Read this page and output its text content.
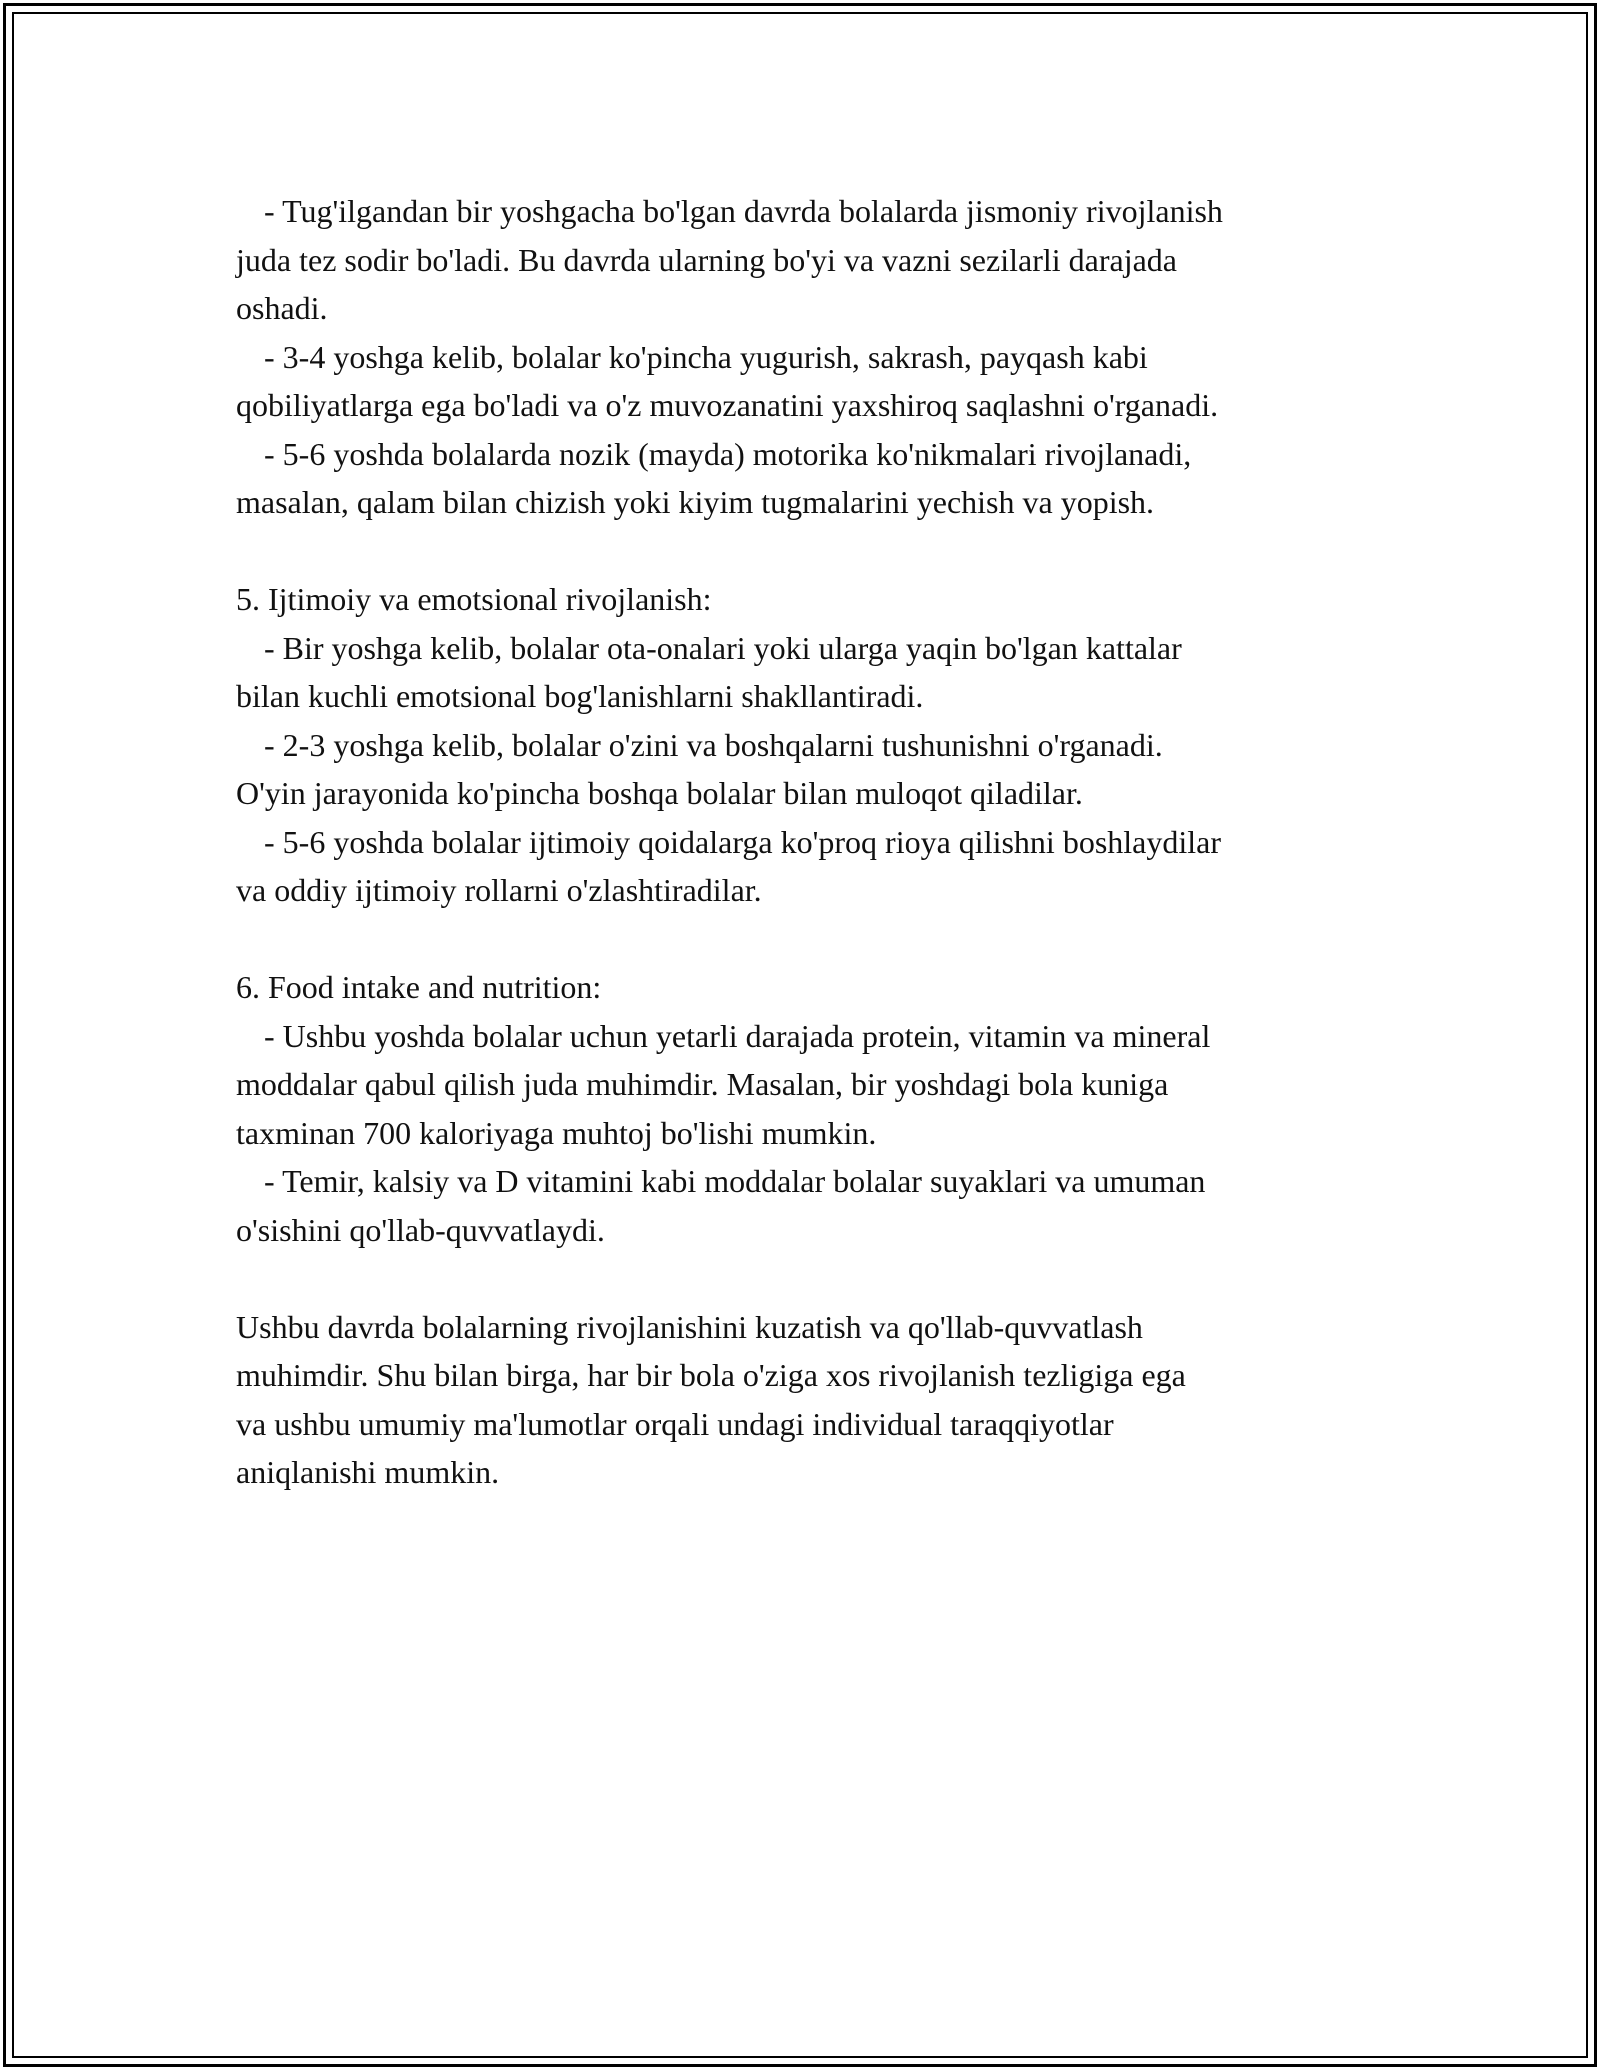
- Tug'ilgandan bir yoshgacha bo'lgan davrda bolalarda jismoniy rivojlanish
juda tez sodir bo'ladi. Bu davrda ularning bo'yi va vazni sezilarli darajada
oshadi.
- 3-4 yoshga kelib, bolalar ko'pincha yugurish, sakrash, payqash kabi
qobiliyatlarga ega bo'ladi va o'z muvozanatini yaxshiroq saqlashni o'rganadi.
- 5-6 yoshda bolalarda nozik (mayda) motorika ko'nikmalari rivojlanadi,
masalan, qalam bilan chizish yoki kiyim tugmalarini yechish va yopish.
5. Ijtimoiy va emotsional rivojlanish:
- Bir yoshga kelib, bolalar ota-onalari yoki ularga yaqin bo'lgan kattalar
bilan kuchli emotsional bog'lanishlarni shakllantiradi.
- 2-3 yoshga kelib, bolalar o'zini va boshqalarni tushunishni o'rganadi.
O'yin jarayonida ko'pincha boshqa bolalar bilan muloqot qiladilar.
- 5-6 yoshda bolalar ijtimoiy qoidalarga ko'proq rioya qilishni boshlaydilar
va oddiy ijtimoiy rollarni o'zlashtiradilar.
6. Food intake and nutrition:
- Ushbu yoshda bolalar uchun yetarli darajada protein, vitamin va mineral
moddalar qabul qilish juda muhimdir. Masalan, bir yoshdagi bola kuniga
taxminan 700 kaloriyaga muhtoj bo'lishi mumkin.
- Temir, kalsiy va D vitamini kabi moddalar bolalar suyaklari va umuman
o'sishini qo'llab-quvvatlaydi.
Ushbu davrda bolalarning rivojlanishini kuzatish va qo'llab-quvvatlash
muhimdir. Shu bilan birga, har bir bola o'ziga xos rivojlanish tezligiga ega
va ushbu umumiy ma'lumotlar orqali undagi individual taraqqiyotlar
aniqlanishi mumkin.
